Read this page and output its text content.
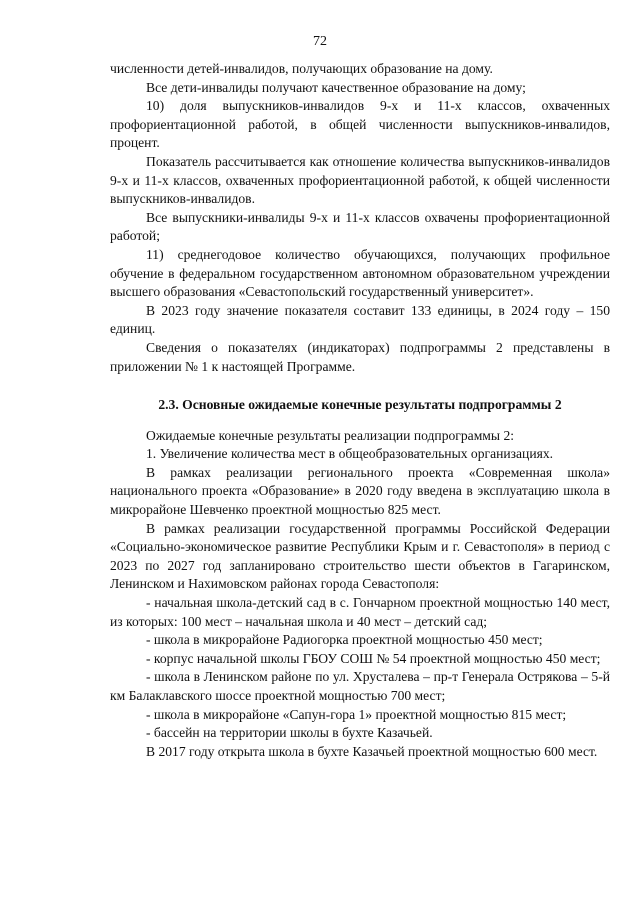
72

численности детей-инвалидов, получающих образование на дому.

Все дети-инвалиды получают качественное образование на дому;

10) доля выпускников-инвалидов 9-х и 11-х классов, охваченных профориентационной работой, в общей численности выпускников-инвалидов, процент.

Показатель рассчитывается как отношение количества выпускников-инвалидов 9-х и 11-х классов, охваченных профориентационной работой, к общей численности выпускников-инвалидов.

Все выпускники-инвалиды 9-х и 11-х классов охвачены профориентационной работой;

11) среднегодовое количество обучающихся, получающих профильное обучение в федеральном государственном автономном образовательном учреждении высшего образования «Севастопольский государственный университет».

В 2023 году значение показателя составит 133 единицы, в 2024 году – 150 единиц.

Сведения о показателях (индикаторах) подпрограммы 2 представлены в приложении № 1 к настоящей Программе.

2.3. Основные ожидаемые конечные результаты подпрограммы 2

Ожидаемые конечные результаты реализации подпрограммы 2:

1. Увеличение количества мест в общеобразовательных организациях.

В рамках реализации регионального проекта «Современная школа» национального проекта «Образование» в 2020 году введена в эксплуатацию школа в микрорайоне Шевченко проектной мощностью 825 мест.

В рамках реализации государственной программы Российской Федерации «Социально-экономическое развитие Республики Крым и г. Севастополя» в период с 2023 по 2027 год запланировано строительство шести объектов в Гагаринском, Ленинском и Нахимовском районах города Севастополя:

- начальная школа-детский сад в с. Гончарном проектной мощностью 140 мест, из которых: 100 мест – начальная школа и 40 мест – детский сад;

- школа в микрорайоне Радиогорка проектной мощностью 450 мест;

- корпус начальной школы ГБОУ СОШ № 54 проектной мощностью 450 мест;

- школа в Ленинском районе по ул. Хрусталева – пр-т Генерала Острякова – 5-й км Балаклавского шоссе проектной мощностью 700 мест;

- школа в микрорайоне «Сапун-гора 1» проектной мощностью 815 мест;

- бассейн на территории школы в бухте Казачьей.

В 2017 году открыта школа в бухте Казачьей проектной мощностью 600 мест.
